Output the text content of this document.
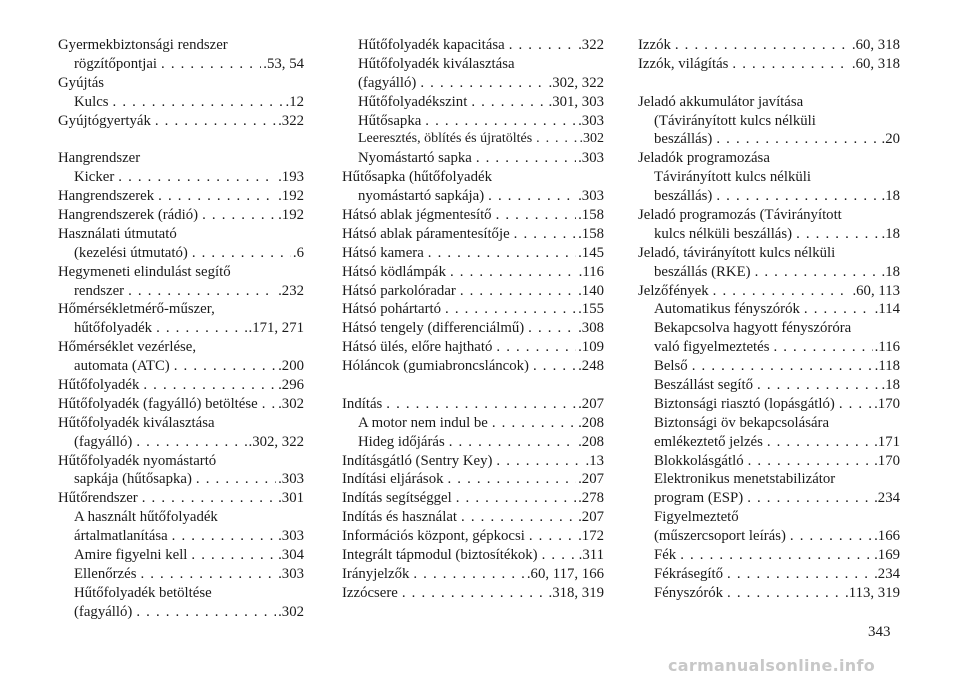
Gyermekbiztonsági rendszer
rögzítőpontjai . . .	.53, 54
Gyújtás
Kulcs . . .	.12
Gyújtógyertyák . . .	.322
Hangrendszer
Kicker . . .	.193
Hangrendszerek . . .	.192
Hangrendszerek (rádió) . . .	.192
Használati útmutató
(kezelési útmutató) . . .	.6
Hegymeneti elindulást segítő
rendszer . . .	.232
Hőmérsékletmérő-műszer,
hűtőfolyadék . . .	.171, 271
Hőmérséklet vezérlése,
automata (ATC) . . .	.200
Hűtőfolyadék . . .	.296
Hűtőfolyadék (fagyálló) betöltése . . . .302
Hűtőfolyadék kiválasztása
(fagyálló) . . .	.302, 322
Hűtőfolyadék nyomástartó
sapkája (hűtősapka) . . .	.303
Hűtőrendszer . . .	.301
A használt hűtőfolyadék
ártalmatlanítása . . .	.303
Amire figyelni kell . . .	.304
Ellenőrzés . . .	.303
Hűtőfolyadék betöltése
(fagyálló) . . .	.302
Hűtőfolyadék kapacitása . . .	.322
Hűtőfolyadék kiválasztása
(fagyálló) . . .	.302, 322
Hűtőfolyadékszint . . .	.301, 303
Hűtősapka . . .	.303
Leeresztés, öblítés és újratöltés . . .	.302
Nyomástartó sapka . . .	.303
Hűtősapka (hűtőfolyadék
nyomástartó sapkája) . . .	.303
Hátsó ablak jégmentesítő . . .	.158
Hátsó ablak páramentesítője . . .	.158
Hátsó kamera . . .	.145
Hátsó ködlámpák . . .	.116
Hátsó parkolóradar . . .	.140
Hátsó pohártartó . . .	.155
Hátsó tengely (differenciálmű) . . .	.308
Hátsó ülés, előre hajtható . . .	.109
Hóláncok (gumiabroncsláncok) . . .	.248
Indítás . . .	.207
A motor nem indul be . . .	.208
Hideg időjárás . . .	.208
Indításgátló (Sentry Key) . . .	.13
Indítási eljárások . . .	.207
Indítás segítséggel . . .	.278
Indítás és használat . . .	.207
Információs központ, gépkocsi . . .	.172
Integrált tápmodul (biztosítékok) . . .	.311
Irányjelzők . . .	.60, 117, 166
Izzócsere . . .	.318, 319
Izzók . . .	.60, 318
Izzók, világítás . . .	.60, 318
Jeladó akkumulátor javítása
(Távirányított kulcs nélküli
beszállás) . . .	.20
Jeladók programozása
Távirányított kulcs nélküli
beszállás) . . .	.18
Jeladó programozás (Távirányított
kulcs nélküli beszállás) . . .	.18
Jeladó, távirányított kulcs nélküli
beszállás (RKE) . . .	.18
Jelzőfények . . .	.60, 113
Automatikus fényszórók . . .	.114
Bekapcsolva hagyott fényszóróra
való figyelmeztetés . . .	.116
Belső . . .	.118
Beszállást segítő . . .	.18
Biztonsági riasztó (lopásgátló) . . .	.170
Biztonsági öv bekapcsolására
emlékeztető jelzés . . .	.171
Blokkolásgátló . . .	.170
Elektronikus menetstabilizátor
program (ESP) . . .	.234
Figyelmeztető
(műszercsoport leírás) . . .	.166
Fék . . .	.169
Fékrásegítő . . .	.234
Fényszórók . . .	.113, 319
343
carmanualsonline.info
